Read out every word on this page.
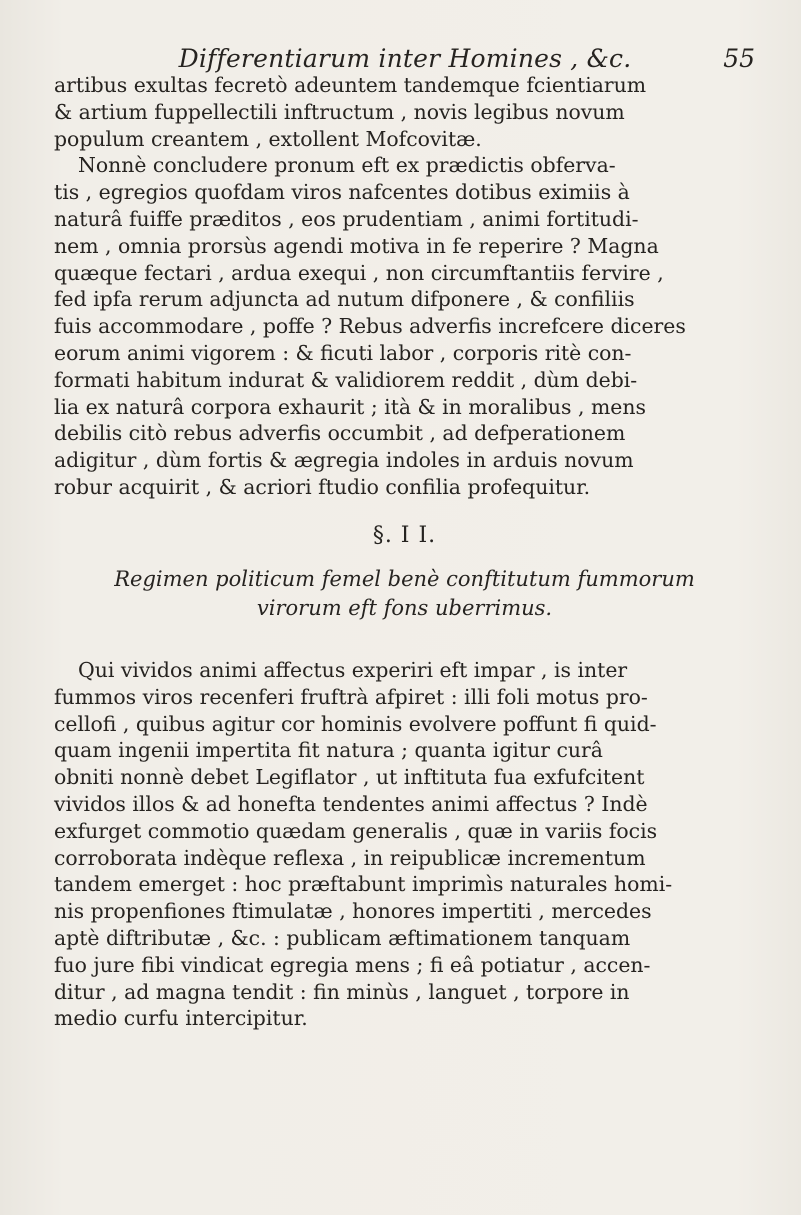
Differentiarum inter Homines , &c.	55

artibus exultas fecretò adeuntem tandemque fcientiarum

& artium fuppellectili inftructum , novis legibus novum

populum creantem , extollent Mofcovitæ.

Nonnè concludere pronum eft ex prædictis obferva-

tis , egregios quofdam viros nafcentes dotibus eximiis à

naturâ fuiffe præditos , eos prudentiam , animi fortitudi-

nem , omnia prorsùs agendi motiva in fe reperire ? Magna

quæque fectari , ardua exequi , non circumftantiis fervire ,

fed ipfa rerum adjuncta ad nutum difponere , & confiliis

fuis accommodare , poffe ? Rebus adverfis increfcere diceres

eorum animi vigorem : & ficuti labor , corporis ritè con-

formati habitum indurat & validiorem reddit , dùm debi-

lia ex naturâ corpora exhaurit ; ità & in moralibus , mens

debilis citò rebus adverfis occumbit , ad defperationem

adigitur , dùm fortis & ægregia indoles in arduis novum

robur acquirit , & acriori ftudio confilia profequitur.

§. I I.
Regimen politicum femel benè conftitutum fummorum
virorum eft fons uberrimus.

Qui vividos animi affectus experiri eft impar , is inter

fummos viros recenferi fruftrà afpiret : illi foli motus pro-

cellofi , quibus agitur cor hominis evolvere poffunt fi quid-

quam ingenii impertita fit natura ; quanta igitur curâ

obniti nonnè debet Legiflator , ut inftituta fua exfufcitent

vividos illos & ad honefta tendentes animi affectus ? Indè

exfurget commotio quædam generalis , quæ in variis focis

corroborata indèque reflexa , in reipublicæ incrementum

tandem emerget : hoc præftabunt imprimìs naturales homi-

nis propenfiones ftimulatæ , honores impertiti , mercedes

aptè diftributæ , &c. : publicam æftimationem tanquam

fuo jure fibi vindicat egregia mens ; fi eâ potiatur , accen-

ditur , ad magna tendit : fin minùs , languet , torpore in

medio curfu intercipitur.
